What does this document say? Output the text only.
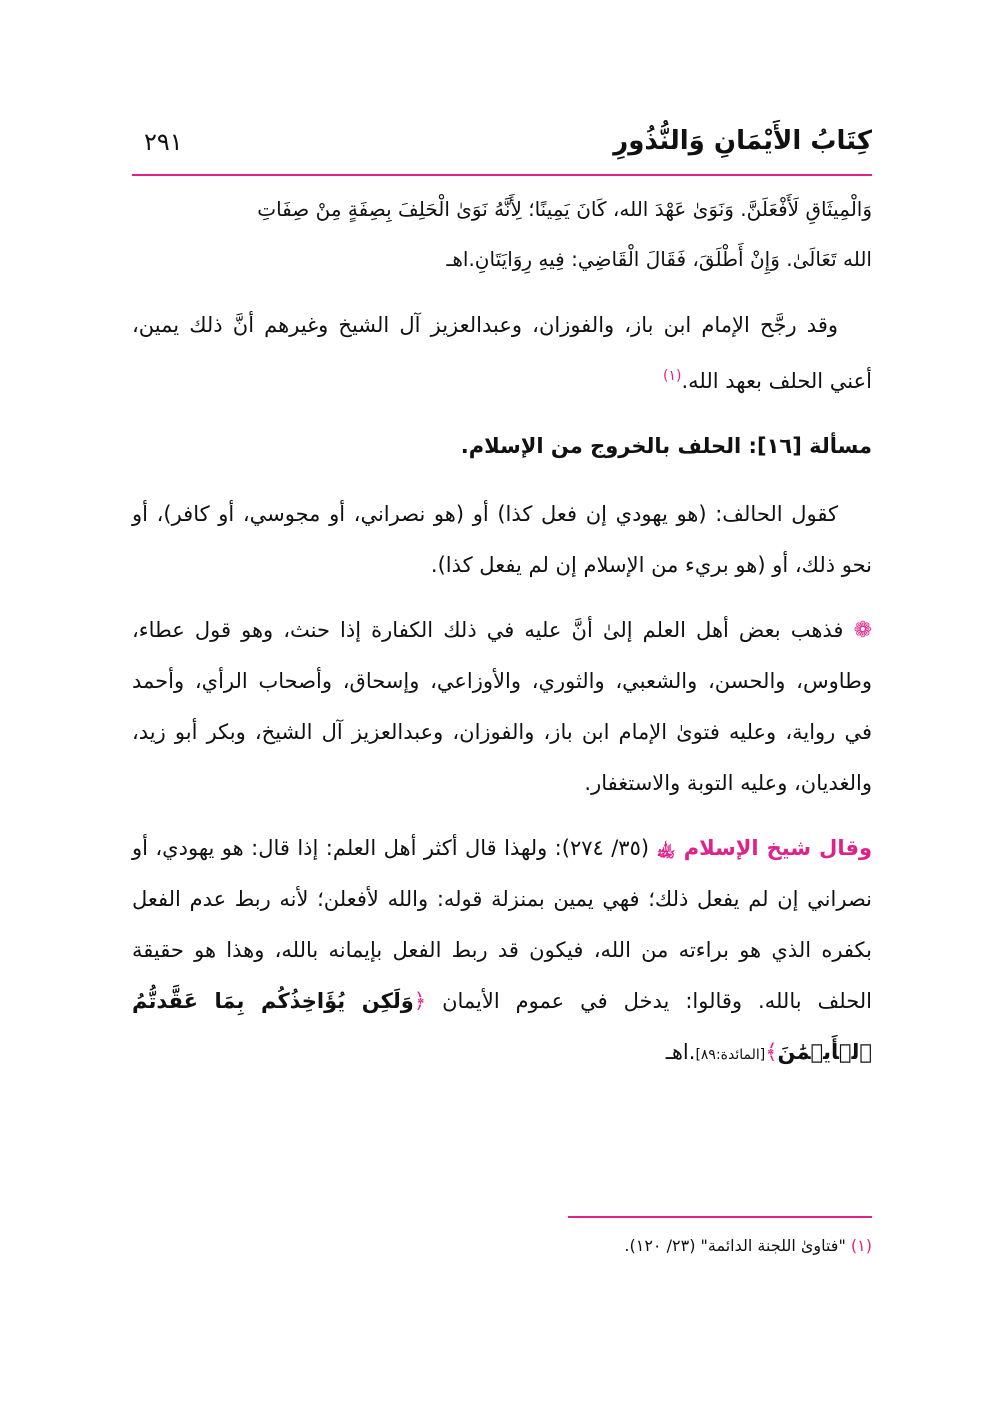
كِتَابُ الأَيْمَانِ وَالنُّذُورِ
٢٩١

وَالْمِيثَاقِ لَأَفْعَلَنَّ. وَنَوَىٰ عَهْدَ الله، كَانَ يَمِينًا؛ لِأَنَّهُ نَوَىٰ الْحَلِفَ بِصِفَةٍ مِنْ صِفَاتِ

الله تَعَالَىٰ. وَإِنْ أَطْلَقَ، فَقَالَ الْقَاضِي: فِيهِ رِوَايَتَانِ.اهـ

وقد رجَّح الإمام ابن باز، والفوزان، وعبدالعزيز آل الشيخ وغيرهم أنَّ ذلك يمين، أعني الحلف بعهد الله.$^{(١)}$

مسألة [١٦]: الحلف بالخروج من الإسلام.

كقول الحالف: (هو يهودي إن فعل كذا) أو (هو نصراني، أو مجوسي، أو كافر)، أو نحو ذلك، أو (هو بريء من الإسلام إن لم يفعل كذا).

❁ فذهب بعض أهل العلم إلىٰ أنَّ عليه في ذلك الكفارة إذا حنث، وهو قول عطاء، وطاوس، والحسن، والشعبي، والثوري، والأوزاعي، وإسحاق، وأصحاب الرأي، وأحمد في رواية، وعليه فتوىٰ الإمام ابن باز، والفوزان، وعبدالعزيز آل الشيخ، وبكر أبو زيد، والغديان، وعليه التوبة والاستغفار.

وقال شيخ الإسلام ﵀ (٣٥/ ٢٧٤): ولهذا قال أكثر أهل العلم: إذا قال: هو يهودي، أو نصراني إن لم يفعل ذلك؛ فهي يمين بمنزلة قوله: والله لأفعلن؛ لأنه ربط عدم الفعل بكفره الذي هو براءته من الله، فيكون قد ربط الفعل بإيمانه بالله، وهذا هو حقيقة الحلف بالله. وقالوا: يدخل في عموم الأيمان ﴿وَلَكِن يُؤَاخِذُكُم بِمَا عَقَّدتُّمُ ٱلۡأَيۡمَٰنَ﴾[المائدة:٨٩].اهـ

(١) "فتاوىٰ اللجنة الدائمة" (٢٣/ ١٢٠).
